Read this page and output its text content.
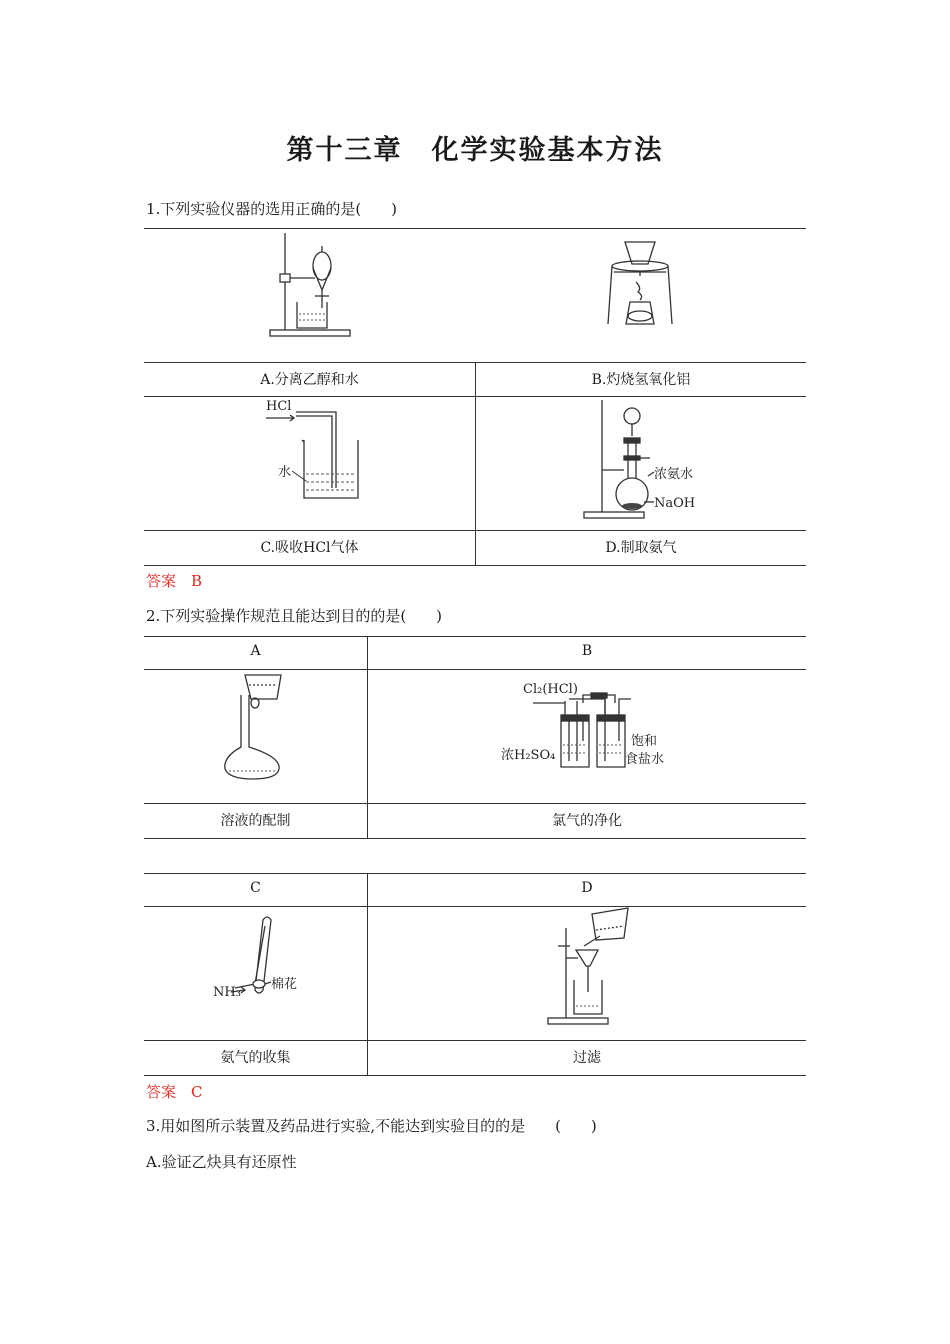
第十三章　化学实验基本方法
1.下列实验仪器的选用正确的是(　　)
A.分离乙醇和水	B.灼烧氢氧化铝
HCl
水	浓氨水
NaOH
C.吸收HCl气体	D.制取氨气
答案　B
2.下列实验操作规范且能达到目的的是(　　)
A	B
Cl₂(HCl)
浓H₂SO₄
饱和
食盐水
溶液的配制	氯气的净化
C	D
NH₃
棉花
氨气的收集	过滤
答案　C
3.用如图所示装置及药品进行实验,不能达到实验目的的是　　(　　)
A.验证乙炔具有还原性
